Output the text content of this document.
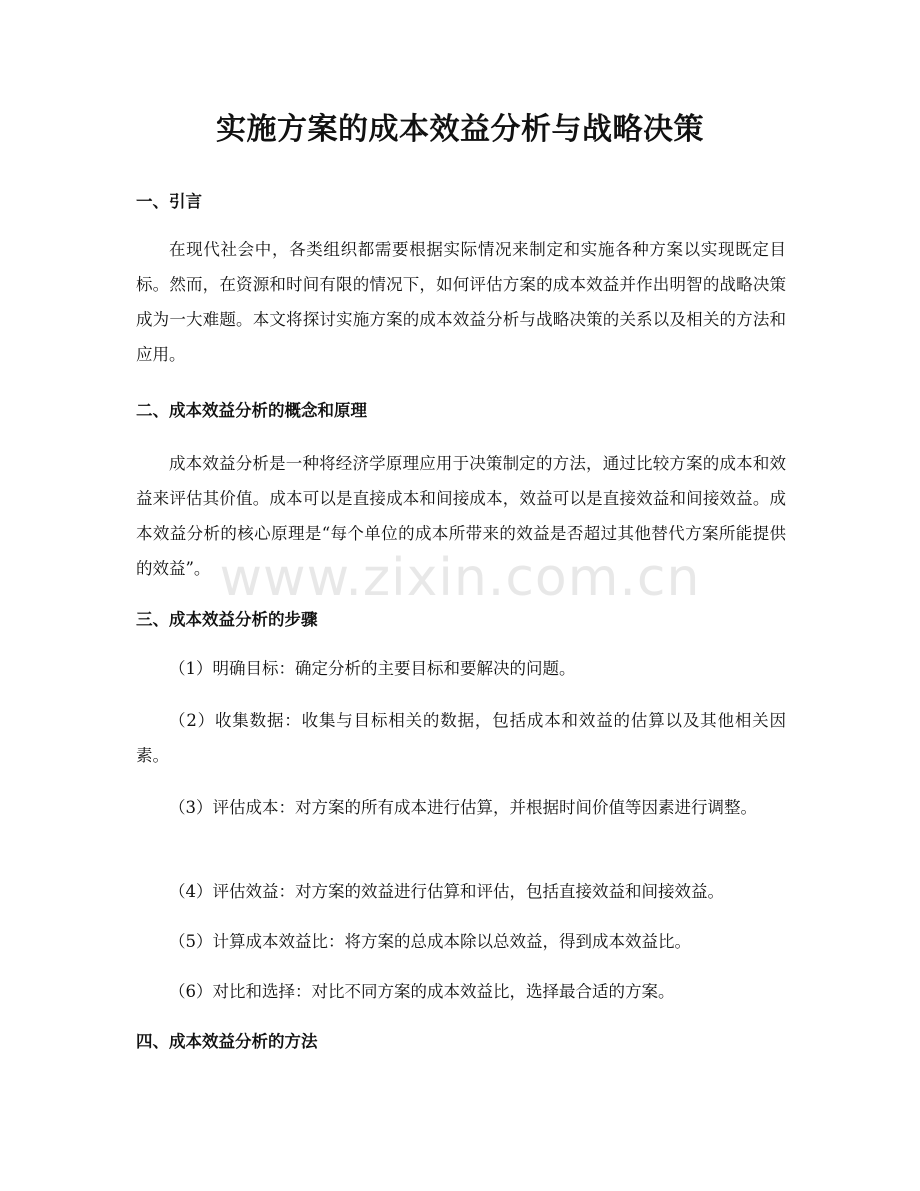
实施方案的成本效益分析与战略决策
一、引言

在现代社会中，各类组织都需要根据实际情况来制定和实施各种方案以实现既定目标。然而，在资源和时间有限的情况下，如何评估方案的成本效益并作出明智的战略决策成为一大难题。本文将探讨实施方案的成本效益分析与战略决策的关系以及相关的方法和应用。

二、成本效益分析的概念和原理

成本效益分析是一种将经济学原理应用于决策制定的方法，通过比较方案的成本和效益来评估其价值。成本可以是直接成本和间接成本，效益可以是直接效益和间接效益。成本效益分析的核心原理是“每个单位的成本所带来的效益是否超过其他替代方案所能提供的效益”。

三、成本效益分析的步骤

（1）明确目标：确定分析的主要目标和要解决的问题。

（2）收集数据：收集与目标相关的数据，包括成本和效益的估算以及其他相关因素。

（3）评估成本：对方案的所有成本进行估算，并根据时间价值等因素进行调整。

（4）评估效益：对方案的效益进行估算和评估，包括直接效益和间接效益。

（5）计算成本效益比：将方案的总成本除以总效益，得到成本效益比。

（6）对比和选择：对比不同方案的成本效益比，选择最合适的方案。

四、成本效益分析的方法
www.zixin.com.cn
